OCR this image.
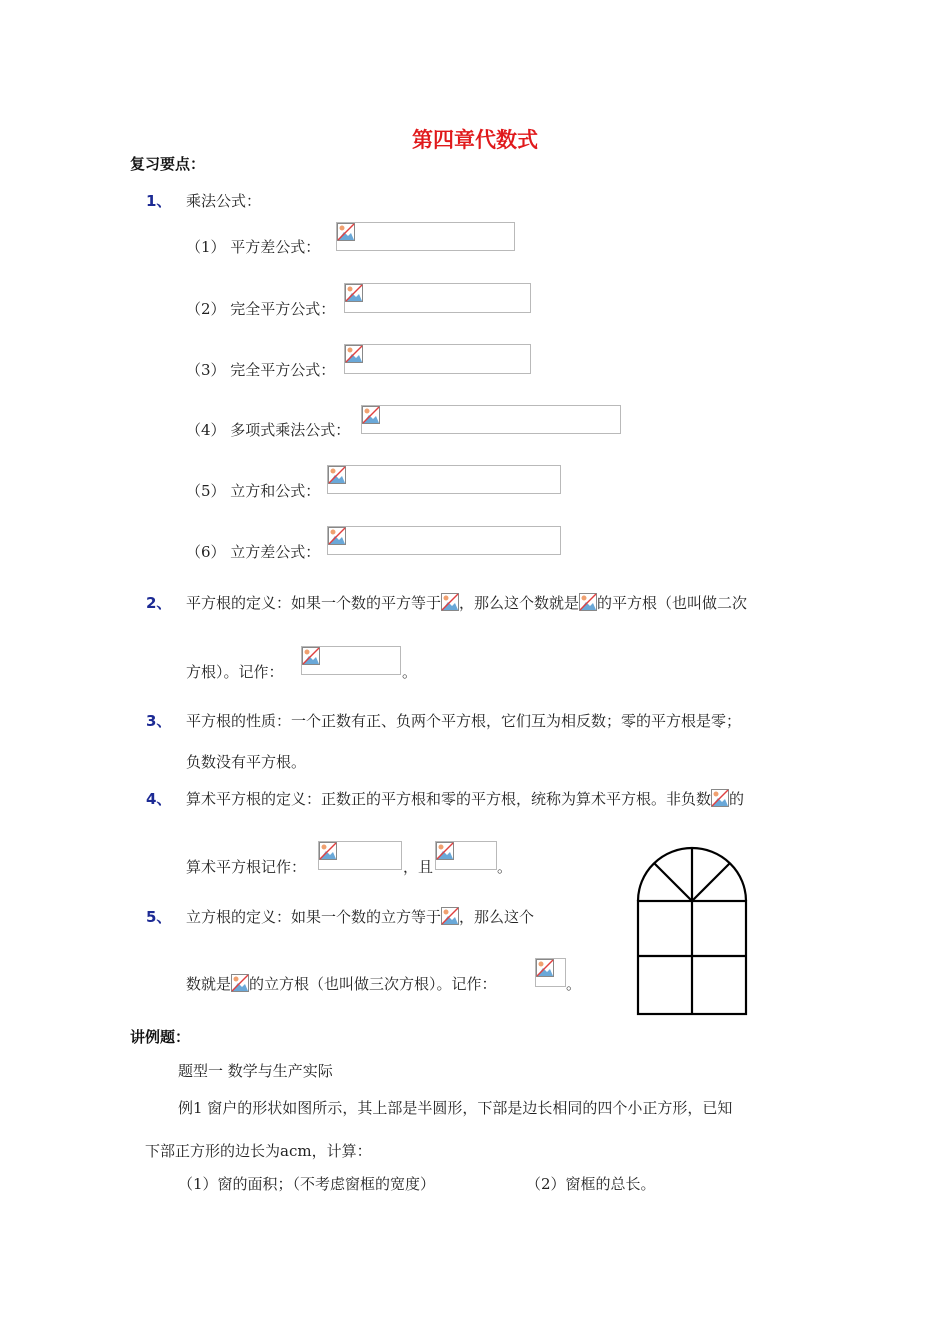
第四章代数式
复习要点：
1、 乘法公式：
（1） 平方差公式：
（2） 完全平方公式：
（3） 完全平方公式：
（4） 多项式乘法公式：
（5） 立方和公式：
（6） 立方差公式：
2、 平方根的定义：如果一个数的平方等于 ，那么这个数就是 的平方根（也叫做二次
方根）。记作：	。
3、 平方根的性质：一个正数有正、负两个平方根，它们互为相反数；零的平方根是零；
负数没有平方根。
4、 算术平方根的定义：正数正的平方根和零的平方根，统称为算术平方根。非负数 的
算术平方根记作：	，且	。
5、 立方根的定义：如果一个数的立方等于 ，那么这个
数就是 的立方根（也叫做三次方根）。记作：	。
讲例题：
题型一 数学与生产实际
例1 窗户的形状如图所示，其上部是半圆形，下部是边长相同的四个小正方形，已知
下部正方形的边长为acm，计算：
（1）窗的面积；（不考虑窗框的宽度）	（2）窗框的总长。
